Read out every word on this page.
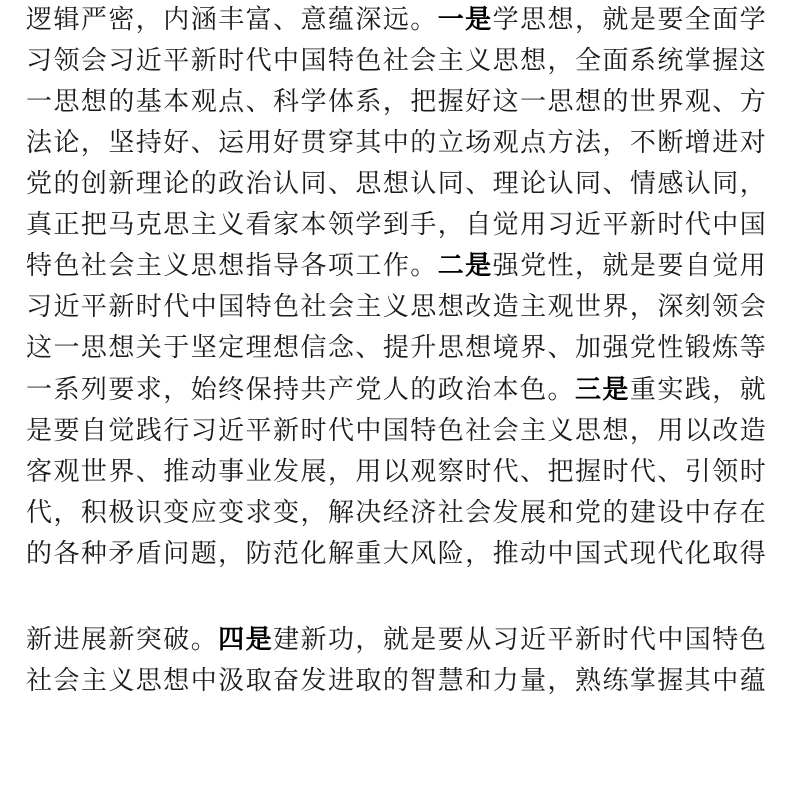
逻辑严密，内涵丰富、意蕴深远。一是学思想，就是要全面学
习领会习近平新时代中国特色社会主义思想，全面系统掌握这
一思想的基本观点、科学体系，把握好这一思想的世界观、方
法论，坚持好、运用好贯穿其中的立场观点方法，不断增进对
党的创新理论的政治认同、思想认同、理论认同、情感认同，
真正把马克思主义看家本领学到手，自觉用习近平新时代中国
特色社会主义思想指导各项工作。二是强党性，就是要自觉用
习近平新时代中国特色社会主义思想改造主观世界，深刻领会
这一思想关于坚定理想信念、提升思想境界、加强党性锻炼等
一系列要求，始终保持共产党人的政治本色。三是重实践，就
是要自觉践行习近平新时代中国特色社会主义思想，用以改造
客观世界、推动事业发展，用以观察时代、把握时代、引领时
代，积极识变应变求变，解决经济社会发展和党的建设中存在
的各种矛盾问题，防范化解重大风险，推动中国式现代化取得
新进展新突破。四是建新功，就是要从习近平新时代中国特色
社会主义思想中汲取奋发进取的智慧和力量，熟练掌握其中蕴
